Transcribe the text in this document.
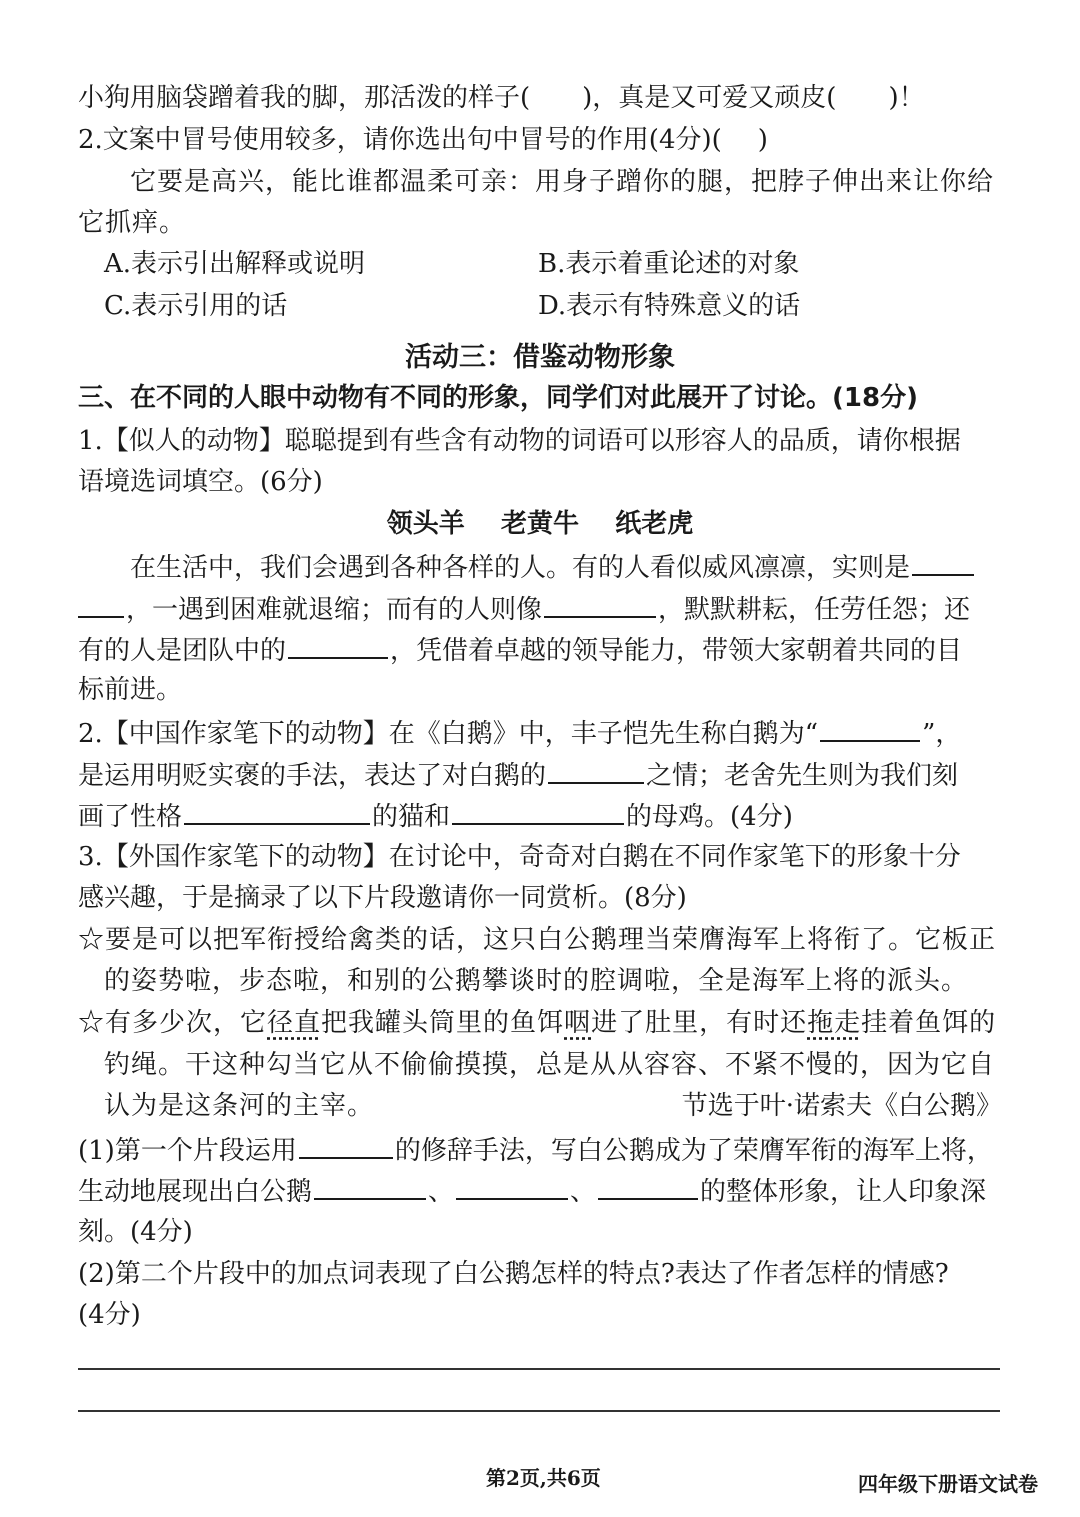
小狗用脑袋蹭着我的脚，那活泼的样子( )，真是又可爱又顽皮( )！
2.文案中冒号使用较多，请你选出句中冒号的作用(4分)( )
它要是高兴，能比谁都温柔可亲：用身子蹭你的腿，把脖子伸出来让你给
它抓痒。
A.表示引出解释或说明	B.表示着重论述的对象
C.表示引用的话	D.表示有特殊意义的话
活动三：借鉴动物形象
三、在不同的人眼中动物有不同的形象，同学们对此展开了讨论。(18分)
1.【似人的动物】聪聪提到有些含有动物的词语可以形容人的品质，请你根据
语境选词填空。(6分)
领头羊    老黄牛    纸老虎
在生活中，我们会遇到各种各样的人。有的人看似威风凛凛，实则是
，一遇到困难就退缩；而有的人则像	，默默耕耘，任劳任怨；还
有的人是团队中的	，凭借着卓越的领导能力，带领大家朝着共同的目
标前进。
2.【中国作家笔下的动物】在《白鹅》中，丰子恺先生称白鹅为“	”，
是运用明贬实褒的手法，表达了对白鹅的	之情；老舍先生则为我们刻
画了性格	的猫和	的母鸡。(4分)
3.【外国作家笔下的动物】在讨论中，奇奇对白鹅在不同作家笔下的形象十分
感兴趣，于是摘录了以下片段邀请你一同赏析。(8分)
☆要是可以把军衔授给禽类的话，这只白公鹅理当荣膺海军上将衔了。它板正
的姿势啦，步态啦，和别的公鹅攀谈时的腔调啦，全是海军上将的派头。
☆有多少次，它径直把我罐头筒里的鱼饵咽进了肚里，有时还拖走挂着鱼饵的
钓绳。干这种勾当它从不偷偷摸摸，总是从从容容、不紧不慢的，因为它自
认为是这条河的主宰。	节选于叶·诺索夫《白公鹅》
(1)第一个片段运用	的修辞手法，写白公鹅成为了荣膺军衔的海军上将，
生动地展现出白公鹅	、	、	的整体形象，让人印象深
刻。(4分)
(2)第二个片段中的加点词表现了白公鹅怎样的特点?表达了作者怎样的情感?
(4分)
第2页,共6页	四年级下册语文试卷
